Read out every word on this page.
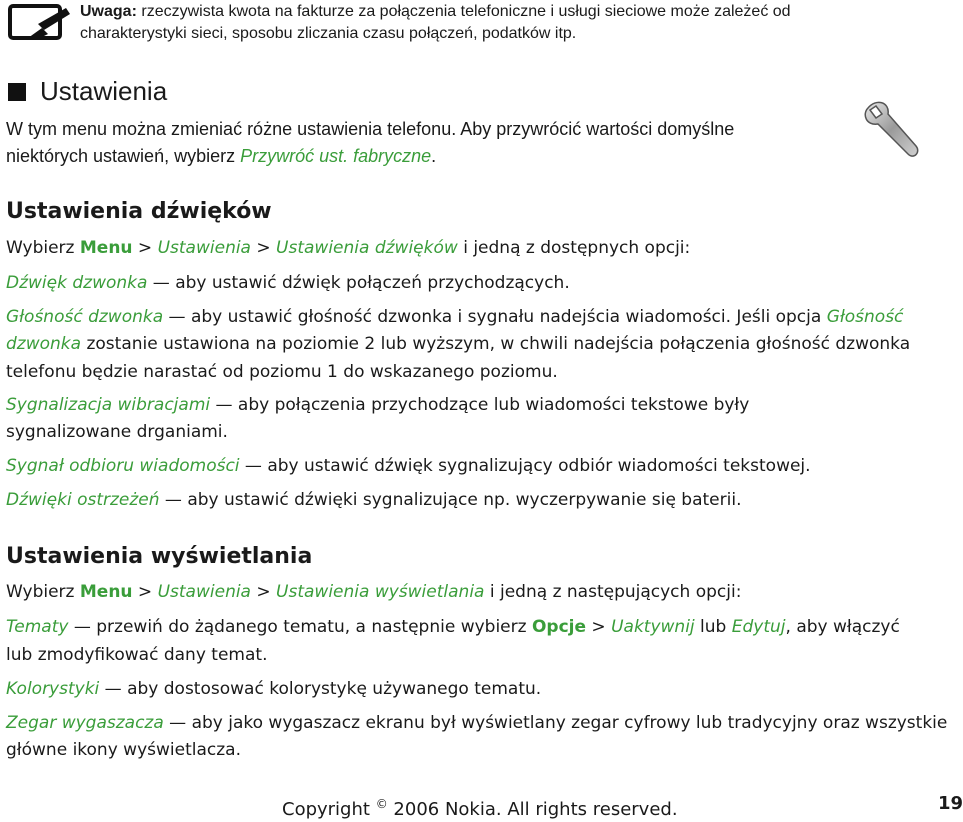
Uwaga: rzeczywista kwota na fakturze za połączenia telefoniczne i usługi sieciowe może zależeć od
charakterystyki sieci, sposobu zliczania czasu połączeń, podatków itp.
Ustawienia
W tym menu można zmieniać różne ustawienia telefonu. Aby przywrócić wartości domyślne
niektórych ustawień, wybierz Przywróć ust. fabryczne.
Ustawienia dźwięków
Wybierz Menu > Ustawienia > Ustawienia dźwięków i jedną z dostępnych opcji:
Dźwięk dzwonka — aby ustawić dźwięk połączeń przychodzących.
Głośność dzwonka — aby ustawić głośność dzwonka i sygnału nadejścia wiadomości. Jeśli opcja Głośność
dzwonka zostanie ustawiona na poziomie 2 lub wyższym, w chwili nadejścia połączenia głośność dzwonka
telefonu będzie narastać od poziomu 1 do wskazanego poziomu.
Sygnalizacja wibracjami — aby połączenia przychodzące lub wiadomości tekstowe były
sygnalizowane drganiami.
Sygnał odbioru wiadomości — aby ustawić dźwięk sygnalizujący odbiór wiadomości tekstowej.
Dźwięki ostrzeżeń — aby ustawić dźwięki sygnalizujące np. wyczerpywanie się baterii.
Ustawienia wyświetlania
Wybierz Menu > Ustawienia > Ustawienia wyświetlania i jedną z następujących opcji:
Tematy — przewiń do żądanego tematu, a następnie wybierz Opcje > Uaktywnij lub Edytuj, aby włączyć
lub zmodyfikować dany temat.
Kolorystyki — aby dostosować kolorystykę używanego tematu.
Zegar wygaszacza — aby jako wygaszacz ekranu był wyświetlany zegar cyfrowy lub tradycyjny oraz wszystkie
główne ikony wyświetlacza.
Copyright © 2006 Nokia. All rights reserved.	19
